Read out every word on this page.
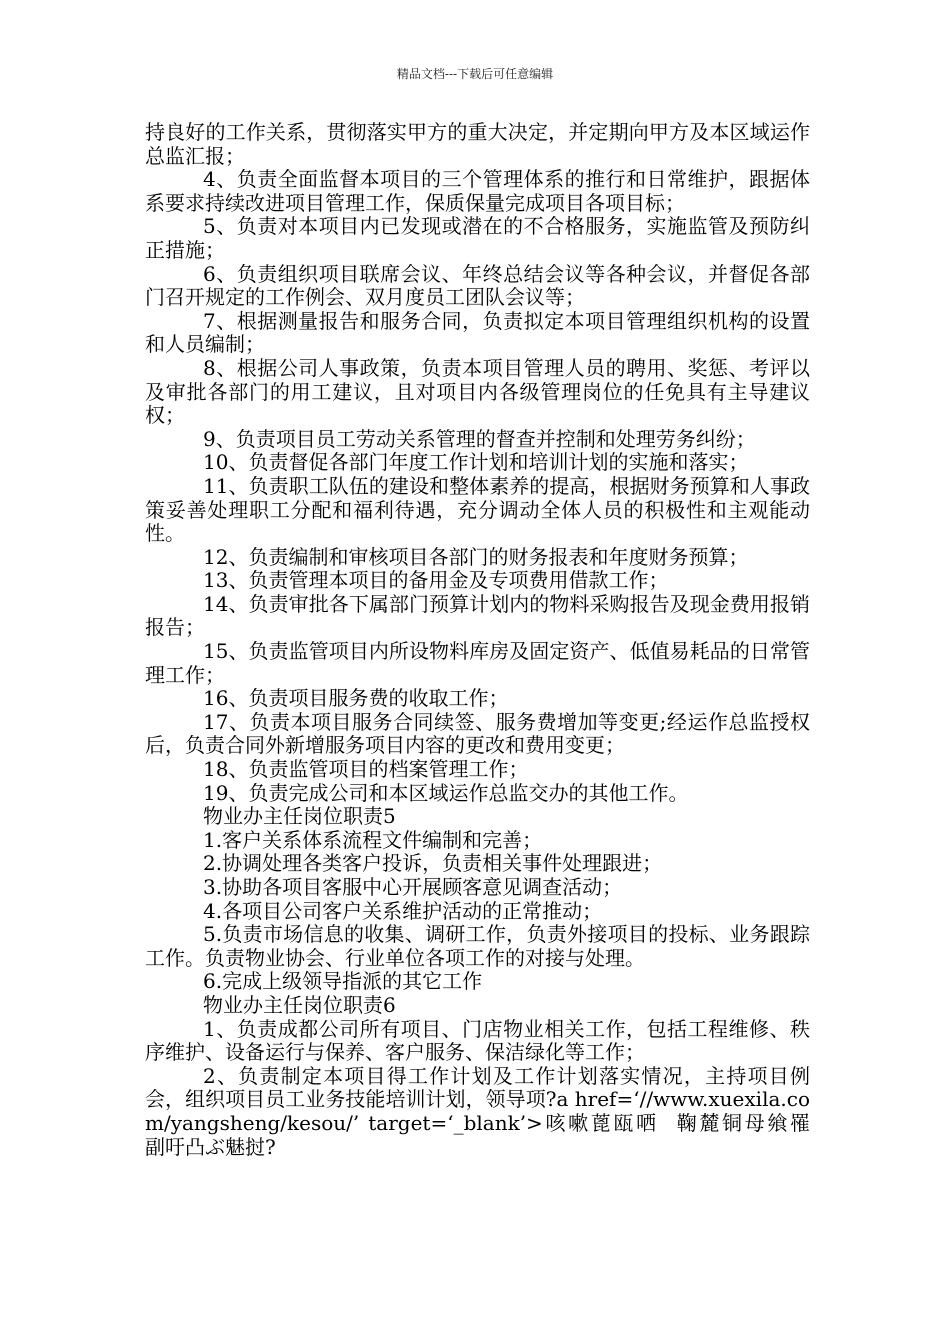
精品文档---下载后可任意编辑

持良好的工作关系，贯彻落实甲方的重大决定，并定期向甲方及本区域运作总监汇报；

4、负责全面监督本项目的三个管理体系的推行和日常维护，跟据体系要求持续改进项目管理工作，保质保量完成项目各项目标；

5、负责对本项目内已发现或潜在的不合格服务，实施监管及预防纠正措施；

6、负责组织项目联席会议、年终总结会议等各种会议，并督促各部门召开规定的工作例会、双月度员工团队会议等；

7、根据测量报告和服务合同，负责拟定本项目管理组织机构的设置和人员编制；

8、根据公司人事政策，负责本项目管理人员的聘用、奖惩、考评以及审批各部门的用工建议，且对项目内各级管理岗位的任免具有主导建议权；

9、负责项目员工劳动关系管理的督查并控制和处理劳务纠纷；

10、负责督促各部门年度工作计划和培训计划的实施和落实；

11、负责职工队伍的建设和整体素养的提高，根据财务预算和人事政策妥善处理职工分配和福利待遇，充分调动全体人员的积极性和主观能动性。

12、负责编制和审核项目各部门的财务报表和年度财务预算；

13、负责管理本项目的备用金及专项费用借款工作；

14、负责审批各下属部门预算计划内的物料采购报告及现金费用报销报告；

15、负责监管项目内所设物料库房及固定资产、低值易耗品的日常管理工作；

16、负责项目服务费的收取工作；

17、负责本项目服务合同续签、服务费增加等变更;经运作总监授权后，负责合同外新增服务项目内容的更改和费用变更；

18、负责监管项目的档案管理工作；

19、负责完成公司和本区域运作总监交办的其他工作。

物业办主任岗位职责5

1.客户关系体系流程文件编制和完善；

2.协调处理各类客户投诉，负责相关事件处理跟进；

3.协助各项目客服中心开展顾客意见调查活动；

4.各项目公司客户关系维护活动的正常推动；

5.负责市场信息的收集、调研工作，负责外接项目的投标、业务跟踪工作。负责物业协会、行业单位各项工作的对接与处理。

6.完成上级领导指派的其它工作

物业办主任岗位职责6

1、负责成都公司所有项目、门店物业相关工作，包括工程维修、秩序维护、设备运行与保养、客户服务、保洁绿化等工作；

2、负责制定本项目得工作计划及工作计划落实情况，主持项目例会，组织项目员工业务技能培训计划，领导项?a href=‘//www.xuexila.com/yangsheng/kesou/’ target=‘_blank’>咳嗽蓖瓯哂  鞠麓铜母飨罹     副吁凸ぶ魅挝?
